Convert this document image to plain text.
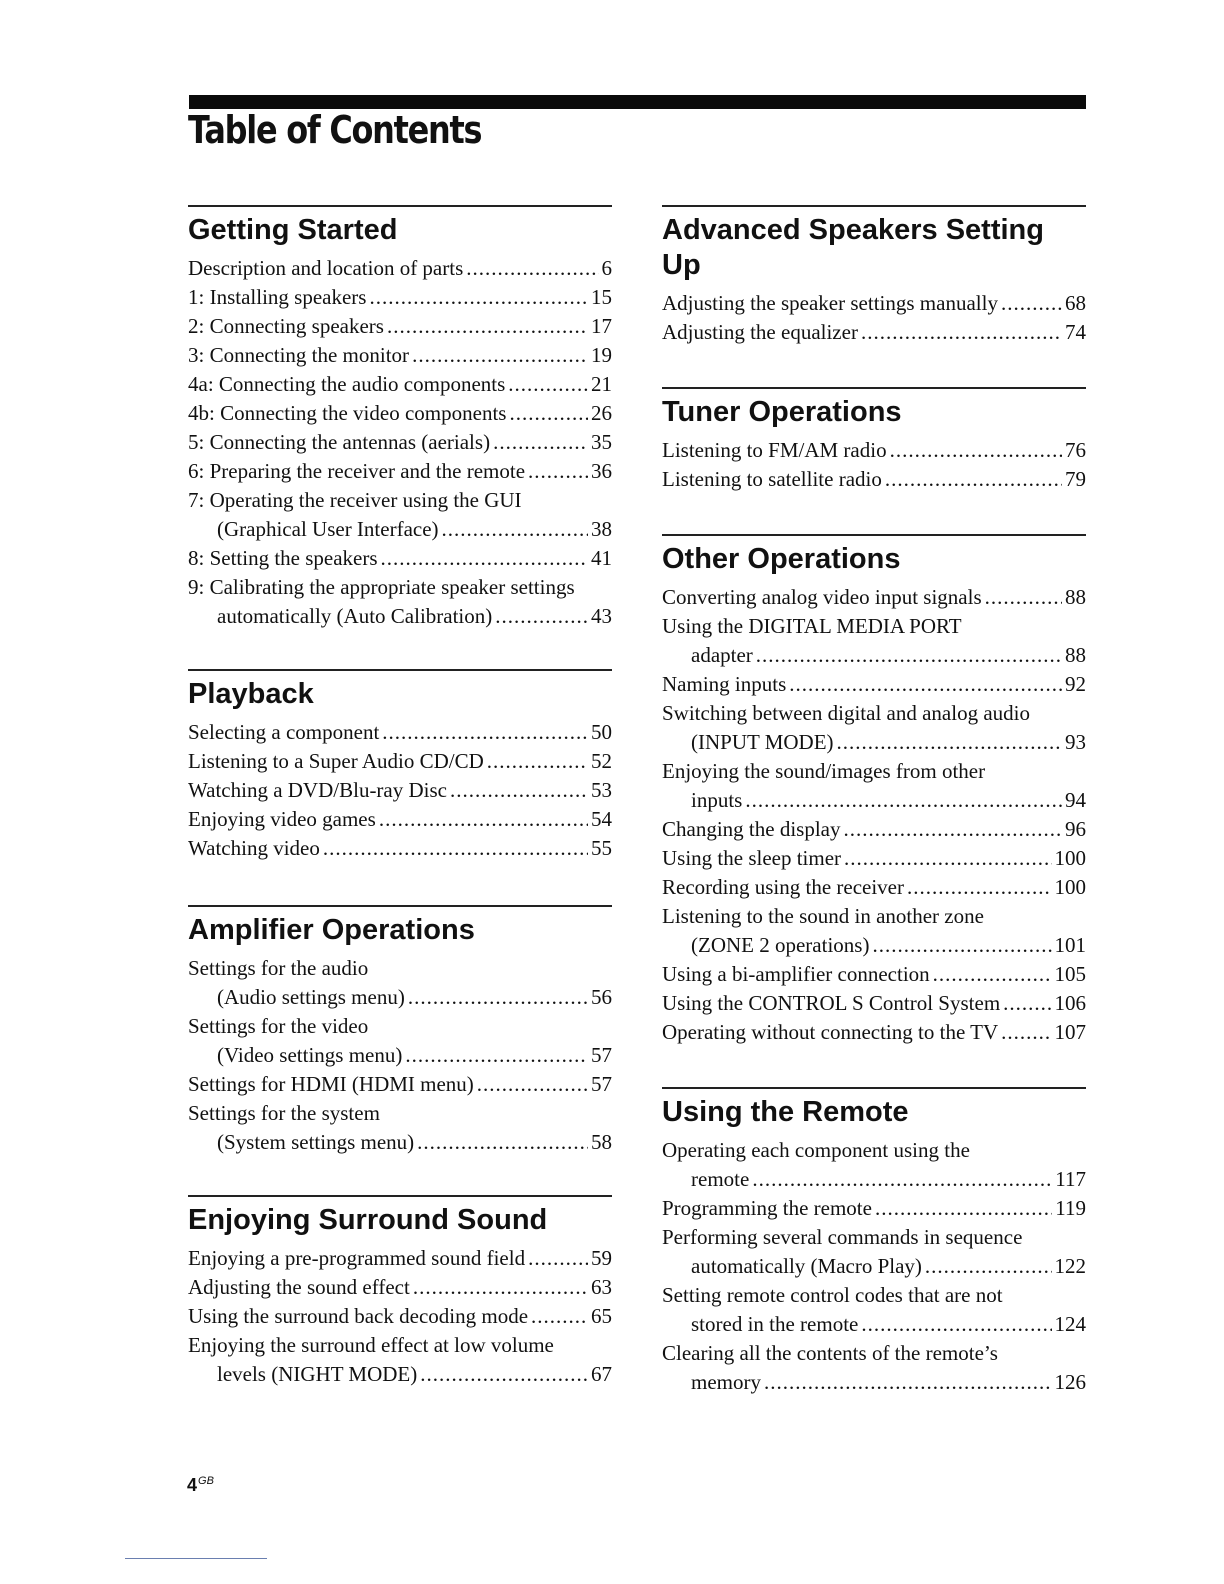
Table of Contents
Getting Started
Description and location of parts .....	6
1: Installing speakers .....	15
2: Connecting speakers .....	17
3: Connecting the monitor .....	19
4a: Connecting the audio components .....	21
4b: Connecting the video components .....	26
5: Connecting the antennas (aerials) .....	35
6: Preparing the receiver and the remote .....	36
7: Operating the receiver using the GUI
(Graphical User Interface) .....	38
8: Setting the speakers .....	41
9: Calibrating the appropriate speaker settings
automatically (Auto Calibration) .....	43
Playback
Selecting a component .....	50
Listening to a Super Audio CD/CD .....	52
Watching a DVD/Blu-ray Disc .....	53
Enjoying video games .....	54
Watching video .....	55
Amplifier Operations
Settings for the audio
(Audio settings menu) .....	56
Settings for the video
(Video settings menu) .....	57
Settings for HDMI (HDMI menu) .....	57
Settings for the system
(System settings menu) .....	58
Enjoying Surround Sound
Enjoying a pre-programmed sound field .....	59
Adjusting the sound effect .....	63
Using the surround back decoding mode .....	65
Enjoying the surround effect at low volume
levels (NIGHT MODE) .....	67
Advanced Speakers Setting Up
Adjusting the speaker settings manually .....	68
Adjusting the equalizer .....	74
Tuner Operations
Listening to FM/AM radio .....	76
Listening to satellite radio .....	79
Other Operations
Converting analog video input signals .....	88
Using the DIGITAL MEDIA PORT
adapter .....	88
Naming inputs .....	92
Switching between digital and analog audio
(INPUT MODE) .....	93
Enjoying the sound/images from other
inputs .....	94
Changing the display .....	96
Using the sleep timer .....	100
Recording using the receiver .....	100
Listening to the sound in another zone
(ZONE 2 operations) .....	101
Using a bi-amplifier connection .....	105
Using the CONTROL S Control System .....	106
Operating without connecting to the TV .....	107
Using the Remote
Operating each component using the
remote .....	117
Programming the remote .....	119
Performing several commands in sequence
automatically (Macro Play) .....	122
Setting remote control codes that are not
stored in the remote .....	124
Clearing all the contents of the remote’s
memory .....	126
$4^{GB}$
